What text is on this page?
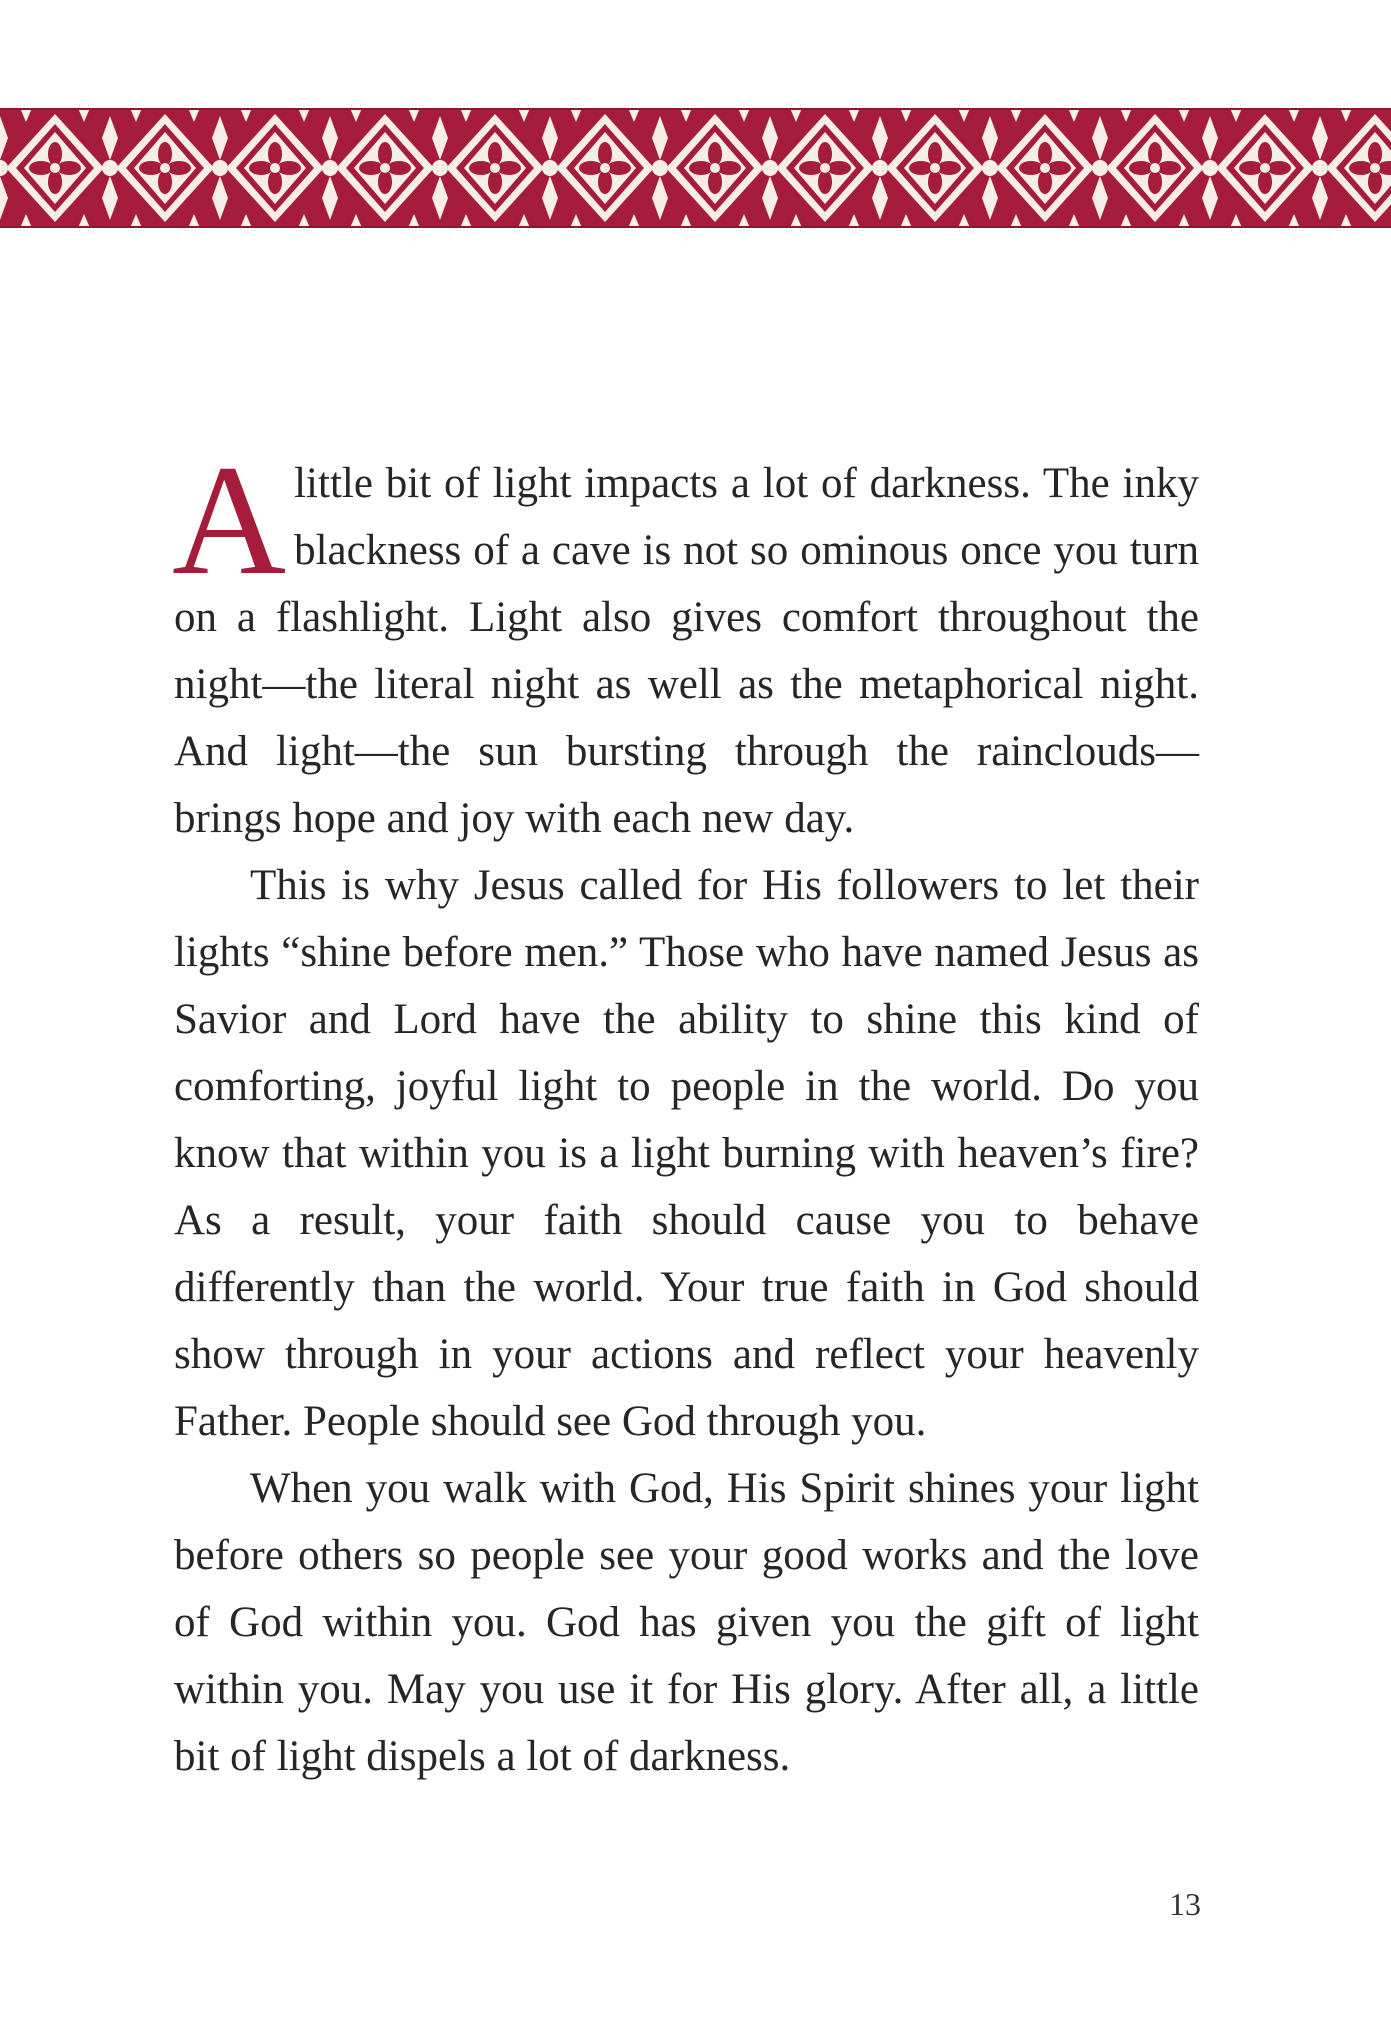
Alittle bit of light impacts a lot of darkness. The inky blackness of a cave is not so ominous once you turn on a flashlight. Light also gives comfort throughout the night—the literal night as well as the metaphorical night. And light—the sun bursting through the rainclouds—brings hope and joy with each new day.

This is why Jesus called for His followers to let their lights “shine before men.” Those who have named Jesus as Savior and Lord have the ability to shine this kind of comforting, joyful light to people in the world. Do you know that within you is a light burning with heaven’s fire? As a result, your faith should cause you to behave differently than the world. Your true faith in God should show through in your actions and reflect your heavenly Father. People should see God through you.

When you walk with God, His Spirit shines your light before others so people see your good works and the love of God within you. God has given you the gift of light within you. May you use it for His glory. After all, a little bit of light dispels a lot of darkness.

13
